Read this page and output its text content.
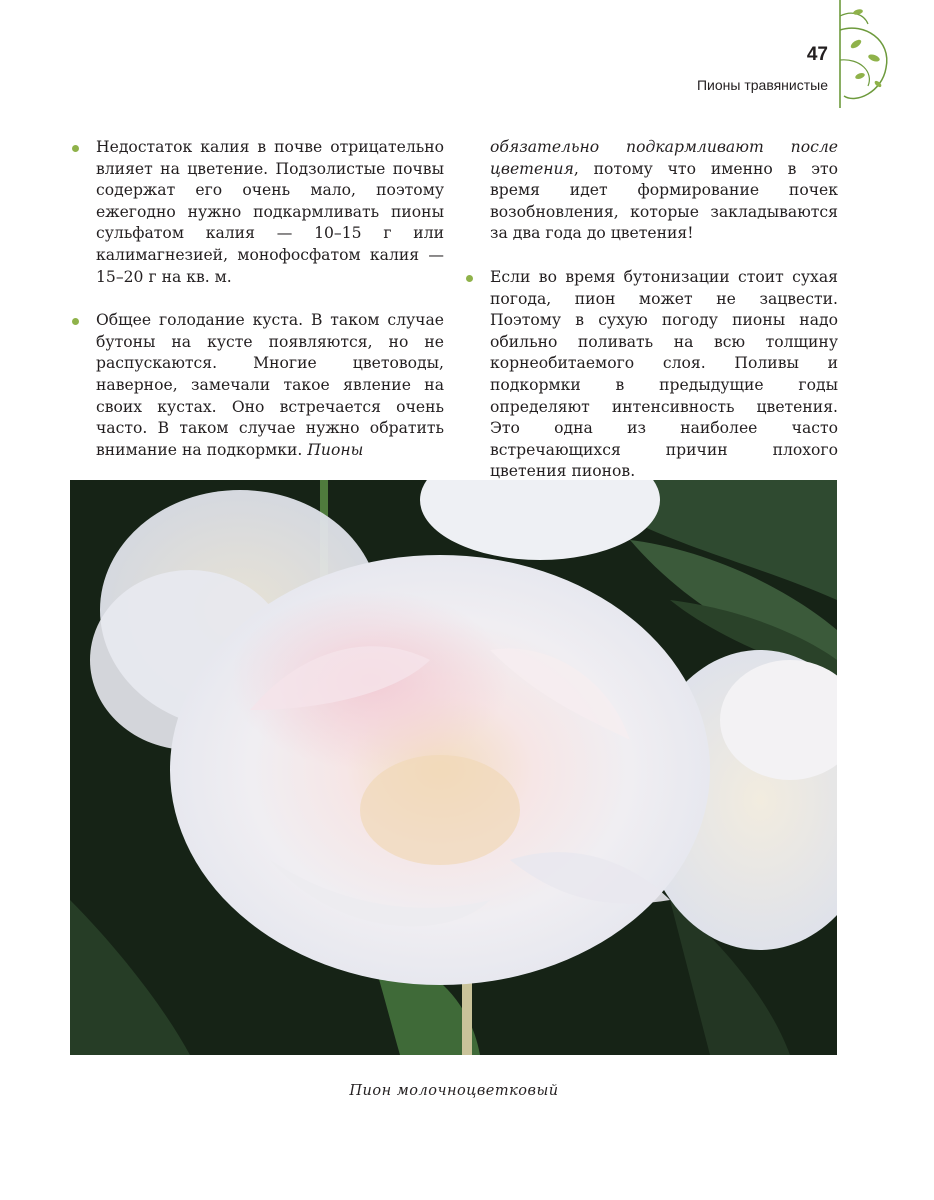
47
Пионы травянистые

Недостаток калия в почве отрицательно влияет на цветение. Подзолистые почвы содержат его очень мало, поэтому ежегодно нужно подкармливать пионы сульфатом калия — 10–15 г или калимагнезией, монофосфатом калия — 15–20 г на кв. м.

Общее голодание куста. В таком случае бутоны на кусте появляются, но не распускаются. Многие цветоводы, наверное, замечали такое явление на своих кустах. Оно встречается очень часто. В таком случае нужно обратить внимание на подкормки. Пионы

обязательно подкармливают после цветения, потому что именно в это время идет формирование почек возобновления, которые закладываются за два года до цветения!

Если во время бутонизации стоит сухая погода, пион может не зацвести. Поэтому в сухую погоду пионы надо обильно поливать на всю толщину корнеобитаемого слоя. Поливы и подкормки в предыдущие годы определяют интенсивность цветения. Это одна из наиболее часто встречающихся причин плохого цветения пионов.

Пион молочноцветковый
